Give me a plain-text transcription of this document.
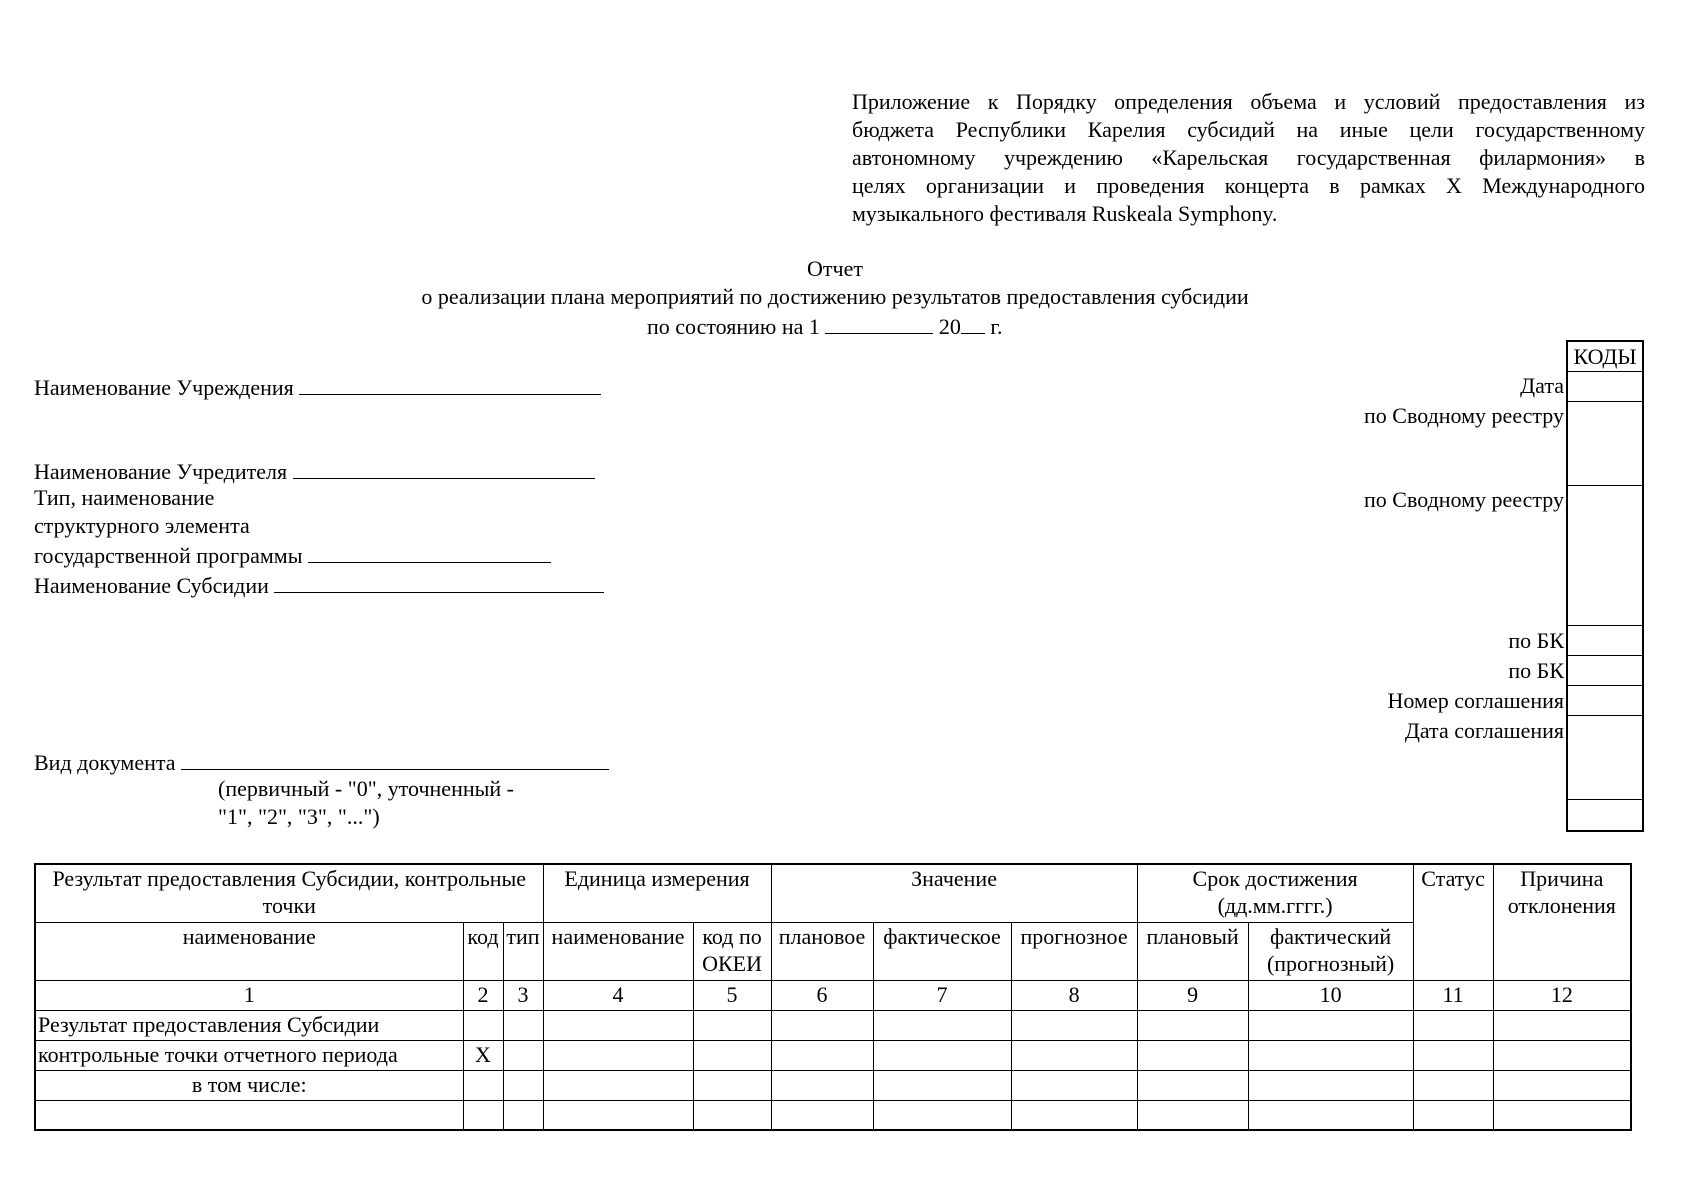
Приложение к Порядку определения объема и условий предоставления из
бюджета Республики Карелия субсидий на иные цели государственному
автономному учреждению «Карельская государственная филармония» в
целях организации и проведения концерта в рамках X Международного
музыкального фестиваля Ruskeala Symphony.
Отчет
о реализации плана мероприятий по достижению результатов предоставления субсидии
по состоянию на 1	20 г.
Наименование Учреждения
Наименование Учредителя
Тип, наименование
структурного элемента
государственной программы
Наименование Субсидии
Вид документа
(первичный - "0", уточненный -
"1", "2", "3", "...")
Дата
по Сводному реестру
по Сводному реестру
по БК
по БК
Номер соглашения
Дата соглашения
КОДЫ
Результат предоставления Субсидии, контрольные точки			Единица измерения		Значение			Срок достижения (дд.мм.гггг.)		Статус	Причина отклонения
наименование	код	тип	наименование	код по ОКЕИ	плановое	фактическое	прогнозное	плановый	фактический (прогнозный)		
1	2	3	4	5	6	7	8	9	10	11	12
Результат предоставления Субсидии											
контрольные точки отчетного периода	X										
в том числе:											
